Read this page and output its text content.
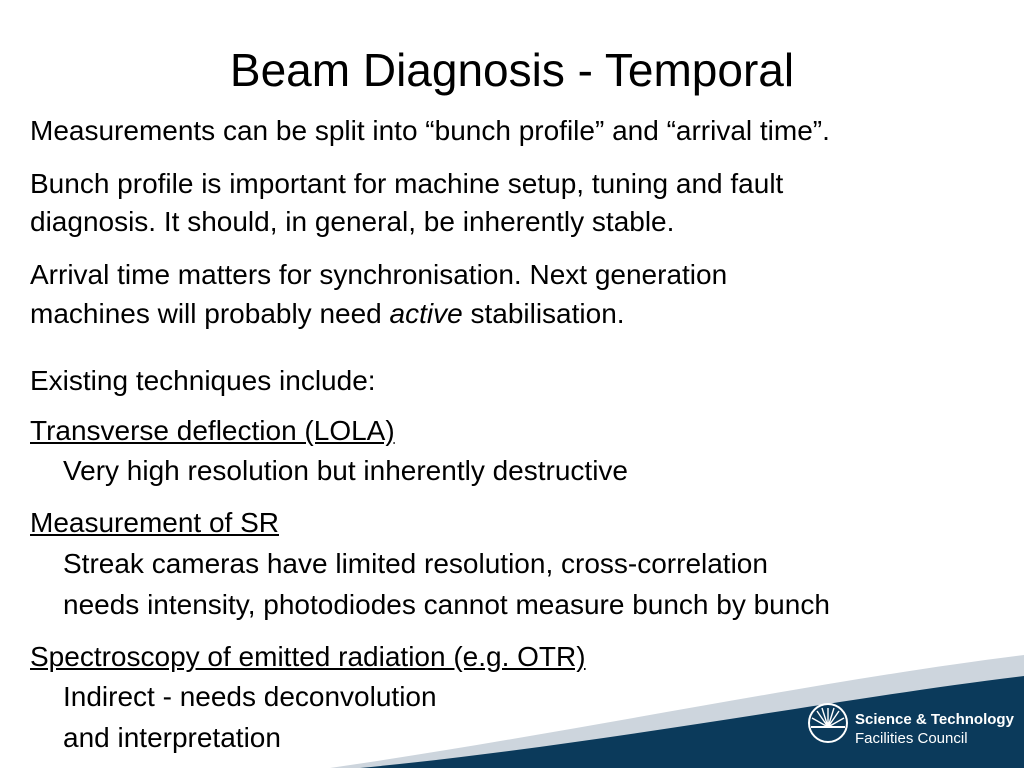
Beam Diagnosis - Temporal

Measurements can be split into “bunch profile” and “arrival time”.

Bunch profile is important for machine setup, tuning and fault

diagnosis. It should, in general, be inherently stable.

Arrival time matters for synchronisation. Next generation

machines will probably need active stabilisation.

Existing techniques include:

Transverse deflection (LOLA)

Very high resolution but inherently destructive

Measurement of SR

Streak cameras have limited resolution, cross-correlation

needs intensity, photodiodes cannot measure bunch by bunch

Spectroscopy of emitted radiation (e.g. OTR)

Indirect - needs deconvolution

and interpretation

Science & Technology
Facilities Council
